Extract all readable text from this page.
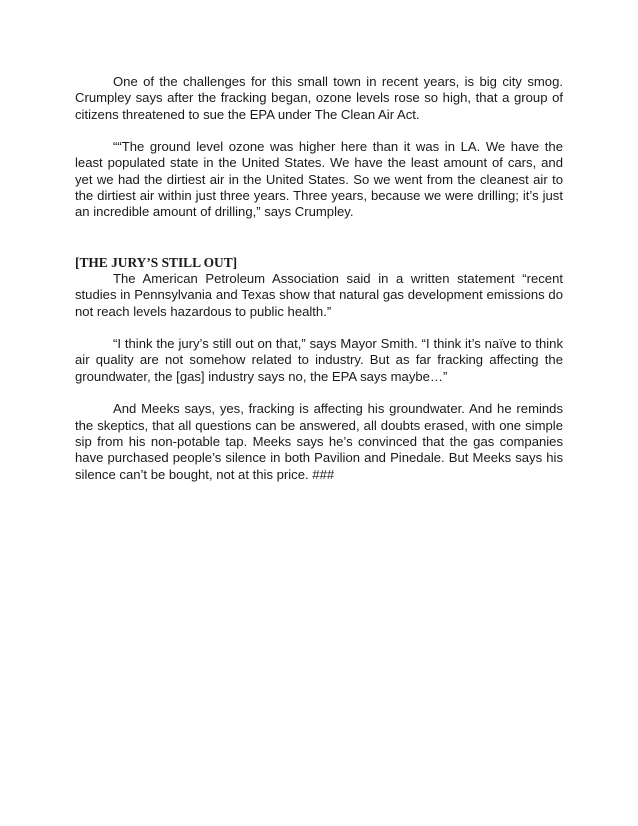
One of the challenges for this small town in recent years, is big city smog. Crumpley says after the fracking began, ozone levels rose so high, that a group of citizens threatened to sue the EPA under The Clean Air Act.

““The ground level ozone was higher here than it was in LA. We have the least populated state in the United States. We have the least amount of cars, and yet we had the dirtiest air in the United States. So we went from the cleanest air to the dirtiest air within just three years. Three years, because we were drilling; it’s just an incredible amount of drilling,” says Crumpley.

[THE JURY’S STILL OUT]

The American Petroleum Association said in a written statement “recent studies in Pennsylvania and Texas show that natural gas development emissions do not reach levels hazardous to public health.”

“I think the jury’s still out on that,” says Mayor Smith. “I think it’s naïve to think air quality are not somehow related to industry. But as far fracking affecting the groundwater, the [gas] industry says no, the EPA says maybe…”

And Meeks says, yes, fracking is affecting his groundwater. And he reminds the skeptics, that all questions can be answered, all doubts erased, with one simple sip from his non-potable tap. Meeks says he’s convinced that the gas companies have purchased people’s silence in both Pavilion and Pinedale. But Meeks says his silence can’t be bought, not at this price. ###
